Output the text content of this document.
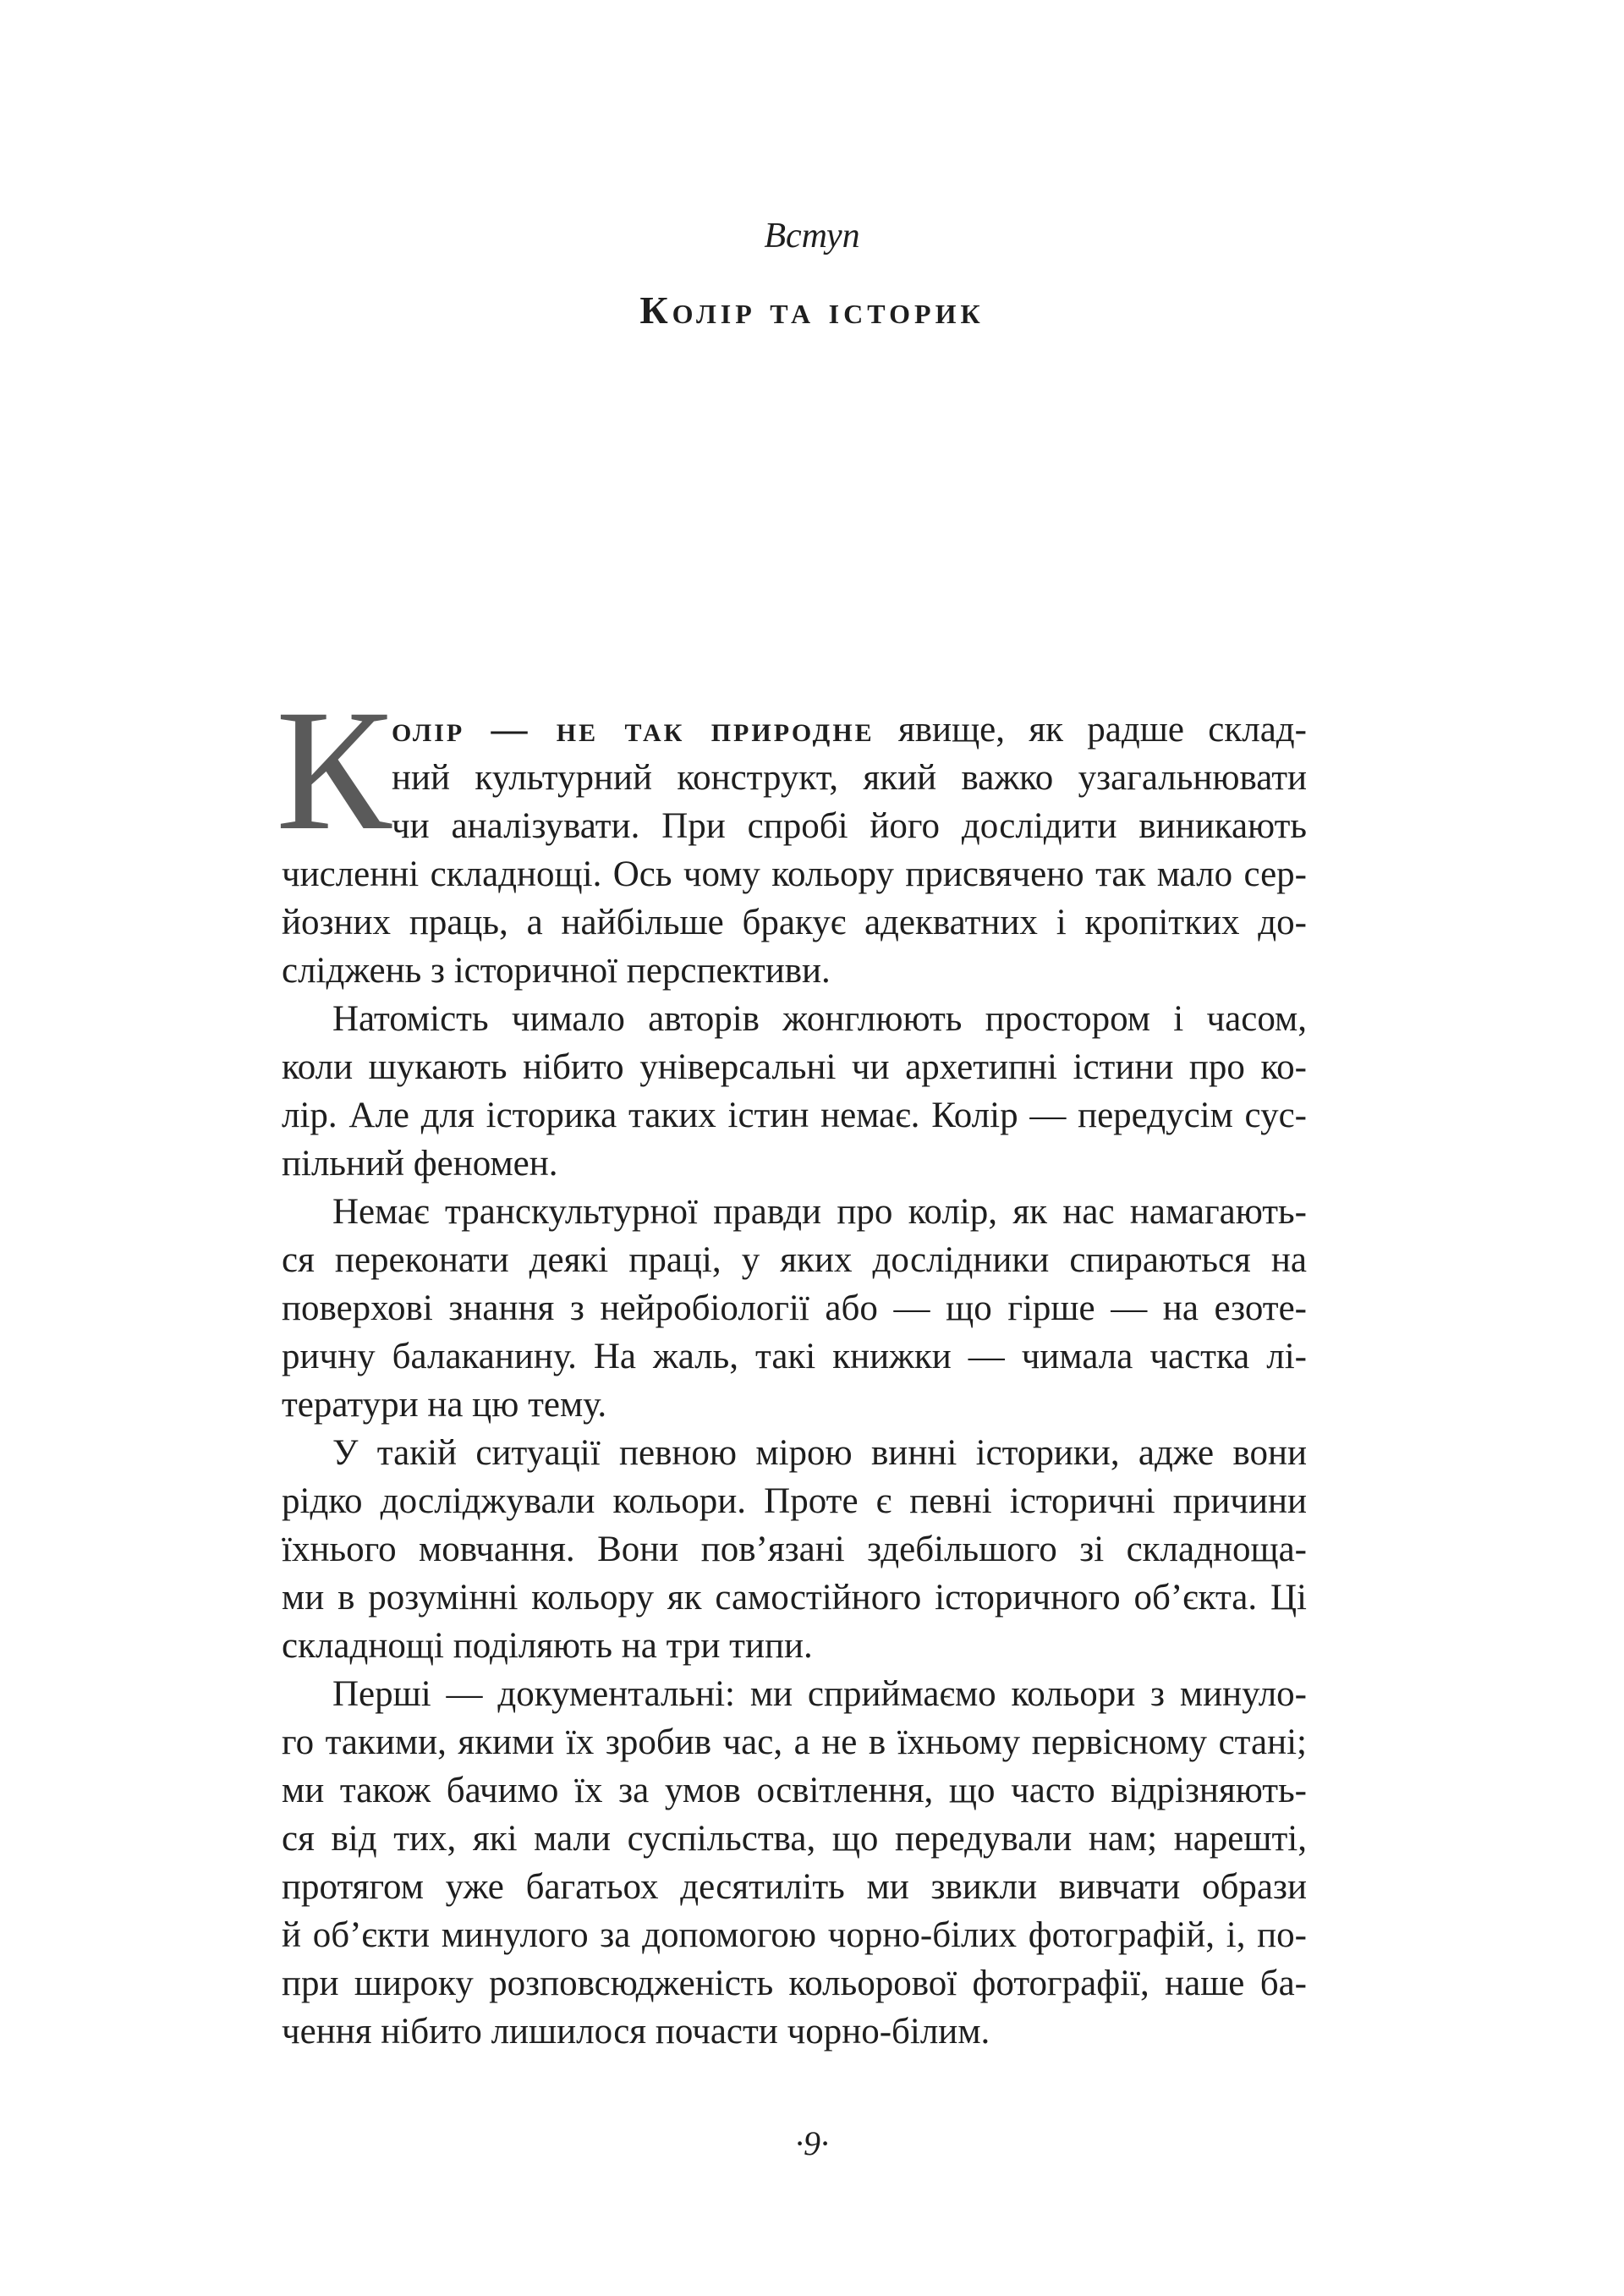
Вступ
Колір та історик
К олір — не так природне явище, як радше склад-
ний культурний конструкт, який важко узагальнювати
чи аналізувати. При спробі його дослідити виникають
численні складнощі. Ось чому кольору присвячено так мало сер-
йозних праць, а найбільше бракує адекватних і кропітких до-
сліджень з історичної перспективи.
Натомість чимало авторів жонглюють простором і часом,
коли шукають нібито універсальні чи архетипні істини про ко-
лір. Але для історика таких істин немає. Колір — передусім сус-
пільний феномен.
Немає транскультурної правди про колір, як нас намагають-
ся переконати деякі праці, у яких дослідники спираються на
поверхові знання з нейробіології або — що гірше — на езоте-
ричну балаканину. На жаль, такі книжки — чимала частка лі-
тератури на цю тему.
У такій ситуації певною мірою винні історики, адже вони
рідко досліджували кольори. Проте є певні історичні причини
їхнього мовчання. Вони пов’язані здебільшого зі складноща-
ми в розумінні кольору як самостійного історичного об’єкта. Ці
складнощі поділяють на три типи.
Перші — документальні: ми сприймаємо кольори з минуло-
го такими, якими їх зробив час, а не в їхньому первісному стані;
ми також бачимо їх за умов освітлення, що часто відрізняють-
ся від тих, які мали суспільства, що передували нам; нарешті,
протягом уже багатьох десятиліть ми звикли вивчати образи
й об’єкти минулого за допомогою чорно-білих фотографій, і, по-
при широку розповсюдженість кольорової фотографії, наше ба-
чення нібито лишилося почасти чорно-білим.
·9·
